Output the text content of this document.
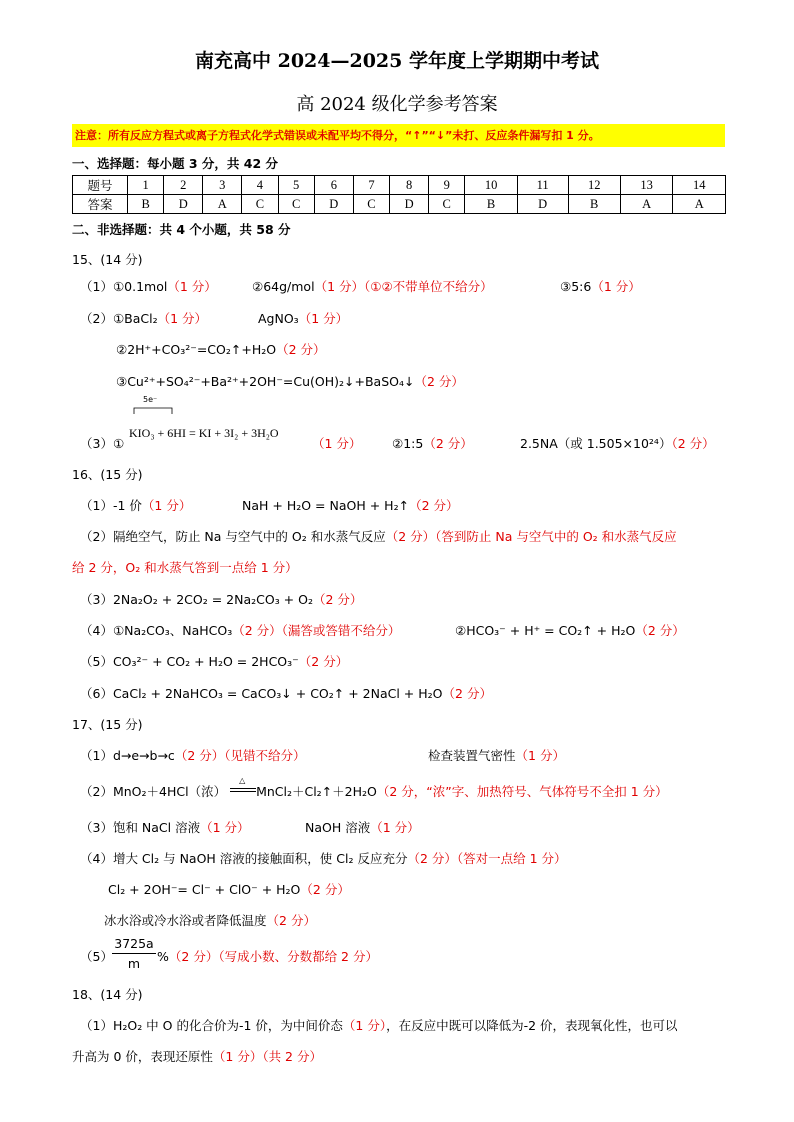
南充高中 2024—2025 学年度上学期期中考试
高 2024 级化学参考答案
注意：所有反应方程式或离子方程式化学式错误或未配平均不得分，“↑”“↓”未打、反应条件漏写扣 1 分。
一、选择题：每小题 3 分，共 42 分
题号	1	2	3	4	5	6	7	8	9	10	11	12	13	14
答案	B	D	A	C	C	D	C	D	C	B	D	B	A	A
二、非选择题：共 4 个小题，共 58 分
15、(14 分)
（1）①0.1mol（1 分）	②64g/mol（1 分）（①②不带单位不给分）	③5:6（1 分）
（2）①BaCl₂（1 分）	AgNO₃（1 分）
②2H⁺+CO₃²⁻=CO₂↑+H₂O（2 分）
③Cu²⁺+SO₄²⁻+Ba²⁺+2OH⁻=Cu(OH)₂↓+BaSO₄↓（2 分）
5e⁻
（3）①
KIO₃ + 6HI = KI + 3I₂ + 3H₂O
（1 分） ②1:5（2 分）	2.5NA（或 1.505×10²⁴）（2 分）
16、(15 分)
（1）-1 价（1 分）	NaH + H₂O = NaOH + H₂↑（2 分）
（2）隔绝空气，防止 Na 与空气中的 O₂ 和水蒸气反应（2 分）（答到防止 Na 与空气中的 O₂ 和水蒸气反应
给 2 分，O₂ 和水蒸气答到一点给 1 分）
（3）2Na₂O₂ + 2CO₂ = 2Na₂CO₃ + O₂（2 分）
（4）①Na₂CO₃、NaHCO₃（2 分）（漏答或答错不给分）	②HCO₃⁻ + H⁺ = CO₂↑ + H₂O（2 分）
（5）CO₃²⁻ + CO₂ + H₂O = 2HCO₃⁻（2 分）
（6）CaCl₂ + 2NaHCO₃ = CaCO₃↓ + CO₂↑ + 2NaCl + H₂O（2 分）
17、(15 分)
（1）d→e→b→c（2 分）（见错不给分）	检查装置气密性（1 分）
（2）MnO₂＋4HCl（浓）
△
MnCl₂＋Cl₂↑＋2H₂O（2 分，“浓”字、加热符号、气体符号不全扣 1 分）
（3）饱和 NaCl 溶液（1 分）	NaOH 溶液（1 分）
（4）增大 Cl₂ 与 NaOH 溶液的接触面积，使 Cl₂ 反应充分（2 分）（答对一点给 1 分）
Cl₂ + 2OH⁻= Cl⁻ + ClO⁻ + H₂O（2 分）
冰水浴或冷水浴或者降低温度（2 分）
（5）
3725a
m	%（2 分）（写成小数、分数都给 2 分）
18、(14 分)
（1）H₂O₂ 中 O 的化合价为-1 价，为中间价态（1 分），在反应中既可以降低为-2 价，表现氧化性，也可以
升高为 0 价，表现还原性（1 分）（共 2 分）
